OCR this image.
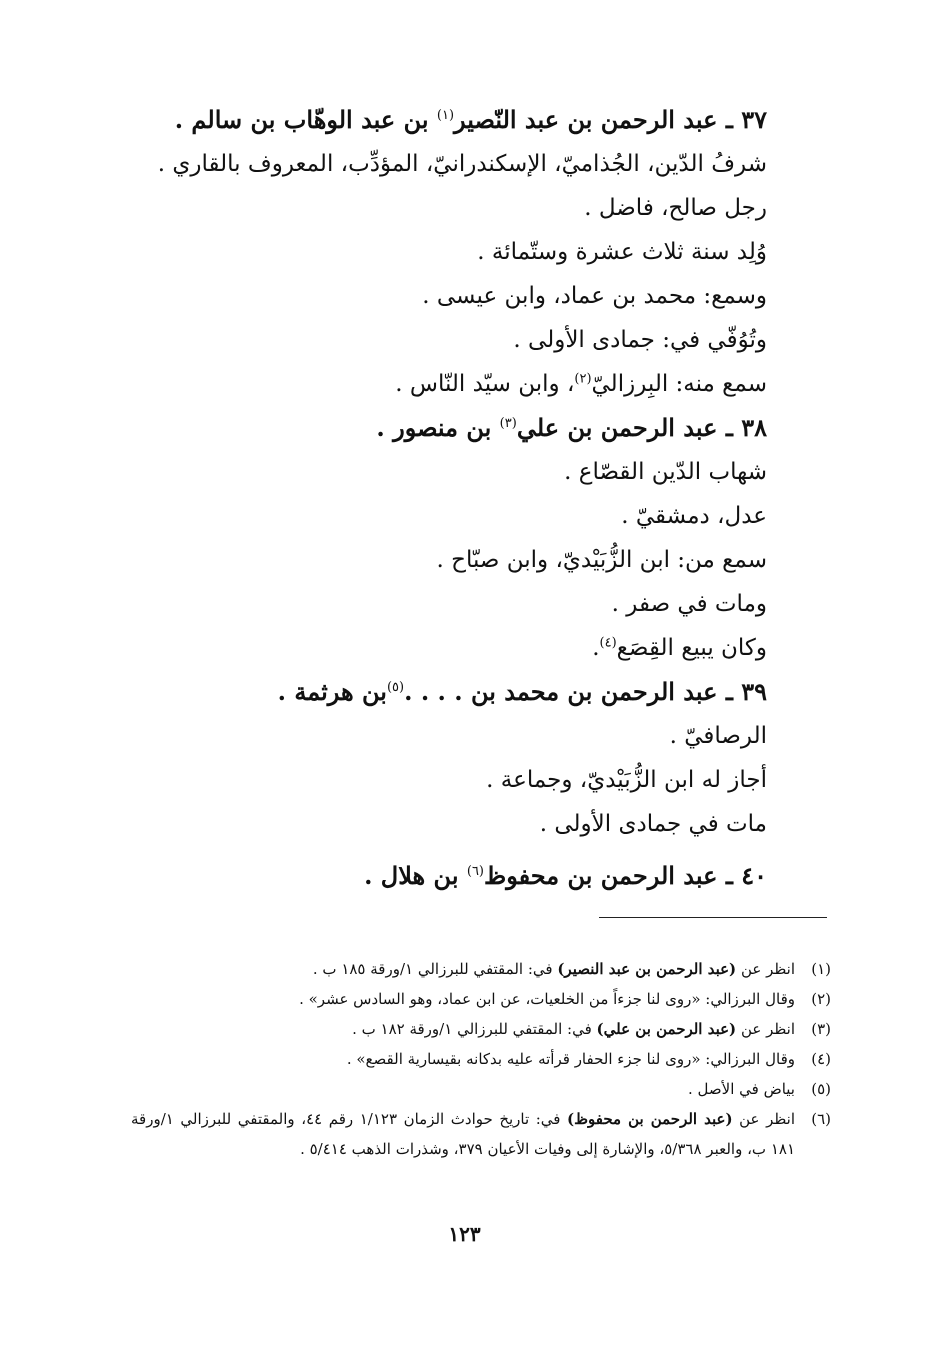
٣٧ ـ عبد الرحمن بن عبد النّصير$^{(١)}$ بن عبد الوهّاب بن سالم .
شرفُ الدّين، الجُذاميّ، الإسكندرانيّ، المؤدِّب، المعروف بالقاري .
رجل صالح، فاضل .
وُلِد سنة ثلاث عشرة وستّمائة .
وسمع: محمد بن عماد، وابن عيسى .
وتُوُفّي في: جمادى الأولى .
سمع منه: البِرزاليّ$^{(٢)}$، وابن سيّد النّاس .
٣٨ ـ عبد الرحمن بن علي$^{(٣)}$ بن منصور .
شهاب الدّين القصّاع .
عدل، دمشقيّ .
سمع من: ابن الزُّبَيْديّ، وابن صبّاح .
ومات في صفر .
وكان يبيع القِصَع$^{(٤)}$.
٣٩ ـ عبد الرحمن بن محمد بن . . . .$^{(٥)}$بن هرثمة .
الرصافيّ .
أجاز له ابن الزُّبَيْديّ، وجماعة .
مات في جمادى الأولى .
٤٠ ـ عبد الرحمن بن محفوظ$^{(٦)}$ بن هلال .
(١)
انظر عن (عبد الرحمن بن عبد النصير) في: المقتفي للبرزالي ١/ورقة ١٨٥ ب .
(٢)
وقال البرزالي: «روى لنا جزءاً من الخلعيات، عن ابن عماد، وهو السادس عشر» .
(٣)
انظر عن (عبد الرحمن بن علي) في: المقتفي للبرزالي ١/ورقة ١٨٢ ب .
(٤)
وقال البرزالي: «روى لنا جزء الحفار قرأته عليه بدكانه بقيسارية القصع» .
(٥)
بياض في الأصل .
(٦)
انظر عن (عبد الرحمن بن محفوظ) في: تاريخ حوادث الزمان ١/١٢٣ رقم ٤٤، والمقتفي للبرزالي ١/ورقة ١٨١ ب، والعبر ٥/٣٦٨، والإشارة إلى وفيات الأعيان ٣٧٩، وشذرات الذهب ٥/٤١٤ .
١٢٣
